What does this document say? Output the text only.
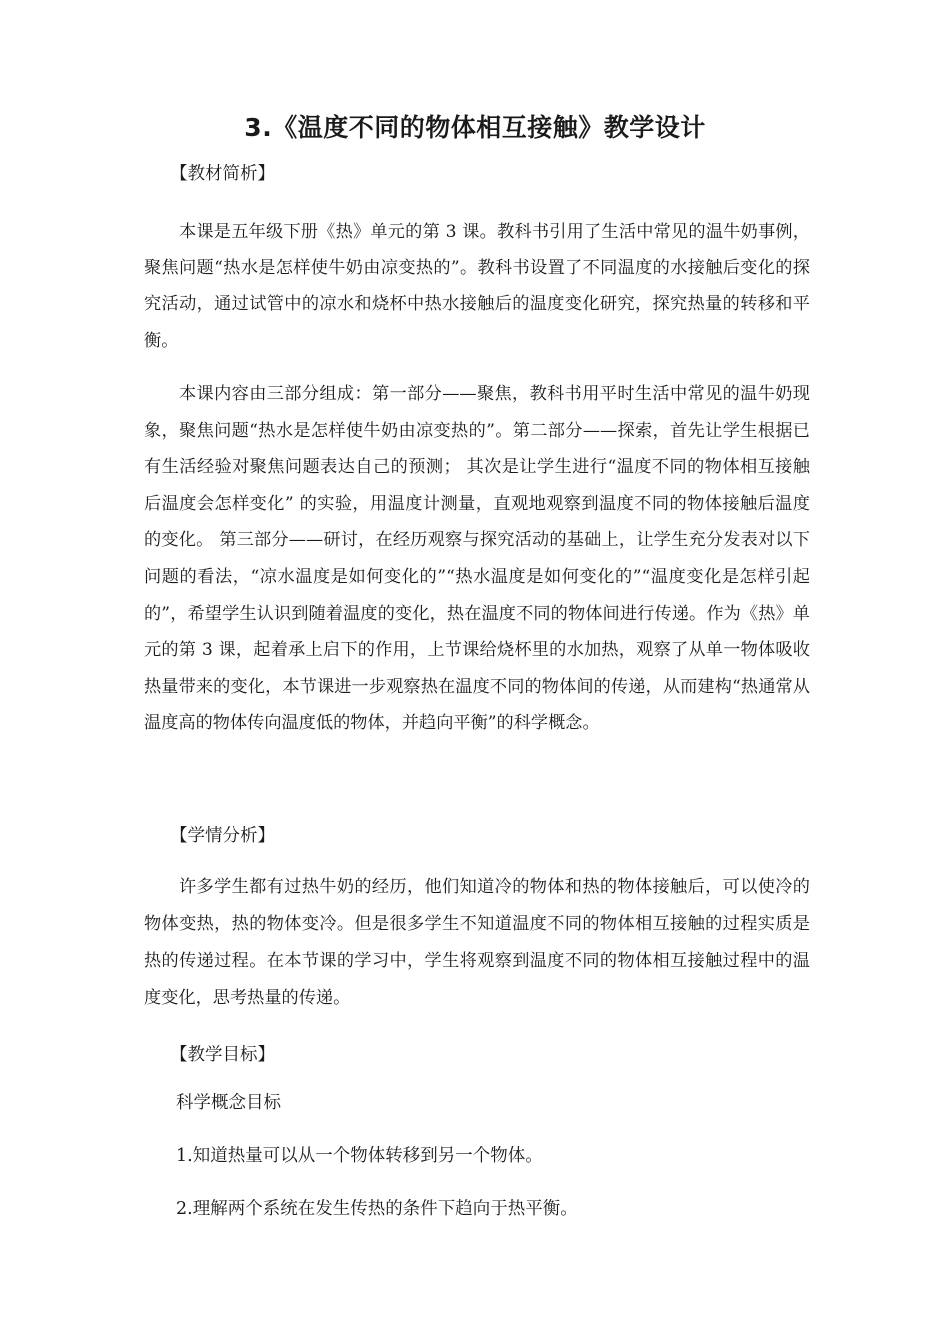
3.《温度不同的物体相互接触》教学设计
【教材简析】

本课是五年级下册《热》单元的第 3 课。教科书引用了生活中常见的温牛奶事例，聚焦问题“热水是怎样使牛奶由凉变热的”。教科书设置了不同温度的水接触后变化的探究活动，通过试管中的凉水和烧杯中热水接触后的温度变化研究，探究热量的转移和平衡。

本课内容由三部分组成：第一部分——聚焦，教科书用平时生活中常见的温牛奶现象，聚焦问题“热水是怎样使牛奶由凉变热的”。第二部分——探索，首先让学生根据已有生活经验对聚焦问题表达自己的预测； 其次是让学生进行“温度不同的物体相互接触后温度会怎样变化” 的实验，用温度计测量，直观地观察到温度不同的物体接触后温度的变化。 第三部分——研讨，在经历观察与探究活动的基础上，让学生充分发表对以下问题的看法，“凉水温度是如何变化的”“热水温度是如何变化的”“温度变化是怎样引起的”，希望学生认识到随着温度的变化，热在温度不同的物体间进行传递。作为《热》单元的第 3 课，起着承上启下的作用，上节课给烧杯里的水加热，观察了从单一物体吸收热量带来的变化，本节课进一步观察热在温度不同的物体间的传递，从而建构“热通常从温度高的物体传向温度低的物体，并趋向平衡”的科学概念。

【学情分析】

许多学生都有过热牛奶的经历，他们知道冷的物体和热的物体接触后，可以使冷的物体变热，热的物体变冷。但是很多学生不知道温度不同的物体相互接触的过程实质是热的传递过程。在本节课的学习中，学生将观察到温度不同的物体相互接触过程中的温度变化，思考热量的传递。

【教学目标】
科学概念目标
1.知道热量可以从一个物体转移到另一个物体。
2.理解两个系统在发生传热的条件下趋向于热平衡。
